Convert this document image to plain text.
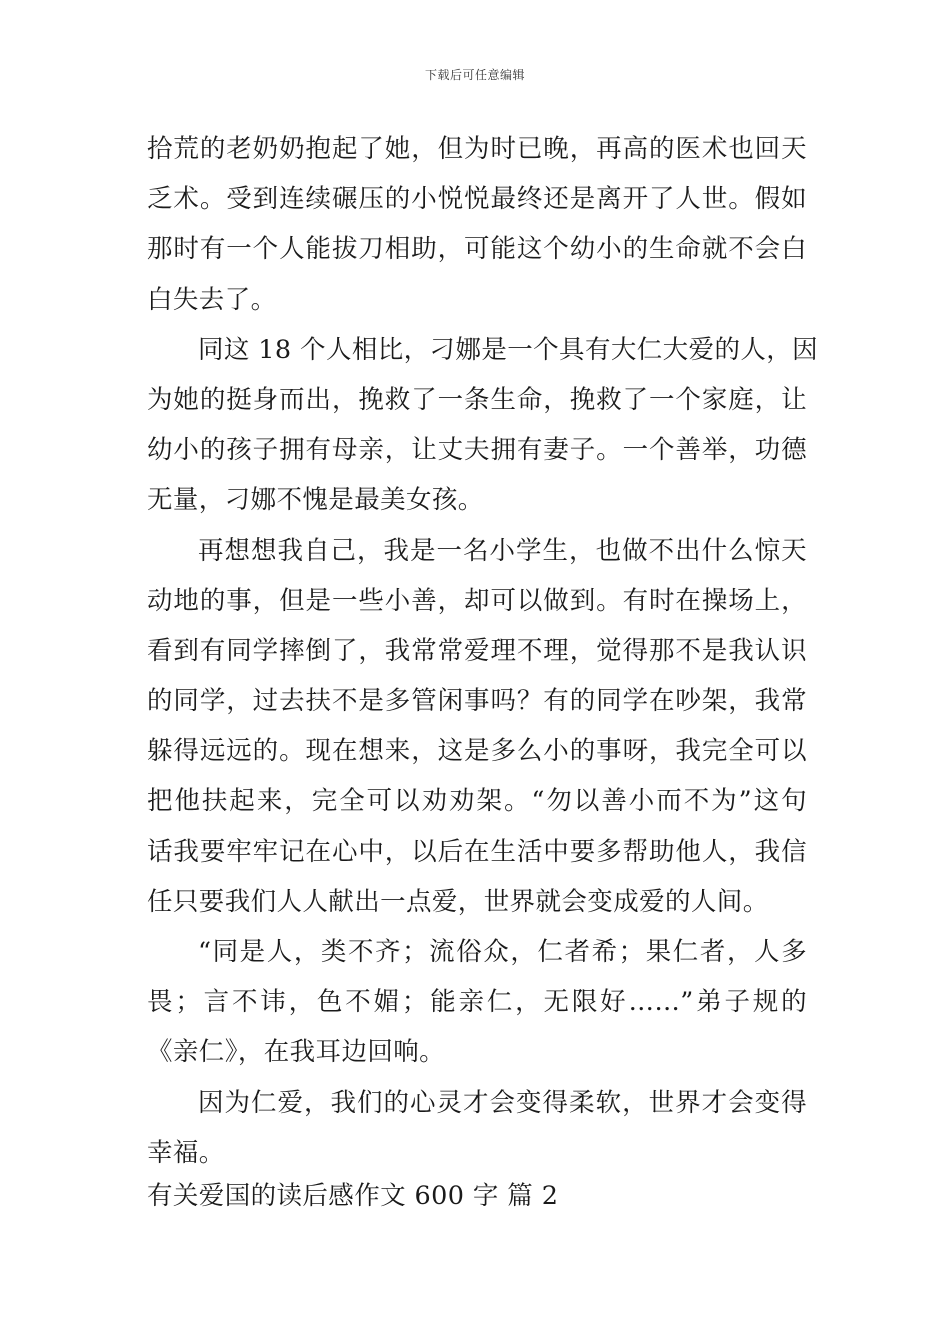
下载后可任意编辑
拾荒的老奶奶抱起了她，但为时已晚，再高的医术也回天
乏术。受到连续碾压的小悦悦最终还是离开了人世。假如
那时有一个人能拔刀相助，可能这个幼小的生命就不会白
白失去了。
同这 18 个人相比，刁娜是一个具有大仁大爱的人，因
为她的挺身而出，挽救了一条生命，挽救了一个家庭，让
幼小的孩子拥有母亲，让丈夫拥有妻子。一个善举，功德
无量，刁娜不愧是最美女孩。
再想想我自己，我是一名小学生，也做不出什么惊天
动地的事，但是一些小善，却可以做到。有时在操场上，
看到有同学摔倒了，我常常爱理不理，觉得那不是我认识
的同学，过去扶不是多管闲事吗？有的同学在吵架，我常
躲得远远的。现在想来，这是多么小的事呀，我完全可以
把他扶起来，完全可以劝劝架。“勿以善小而不为”这句
话我要牢牢记在心中，以后在生活中要多帮助他人，我信
任只要我们人人献出一点爱，世界就会变成爱的人间。
“同是人，类不齐；流俗众，仁者希；果仁者，人多
畏；言不讳，色不媚；能亲仁，无限好……”弟子规的
《亲仁》，在我耳边回响。
因为仁爱，我们的心灵才会变得柔软，世界才会变得
幸福。
有关爱国的读后感作文 600 字 篇 2
